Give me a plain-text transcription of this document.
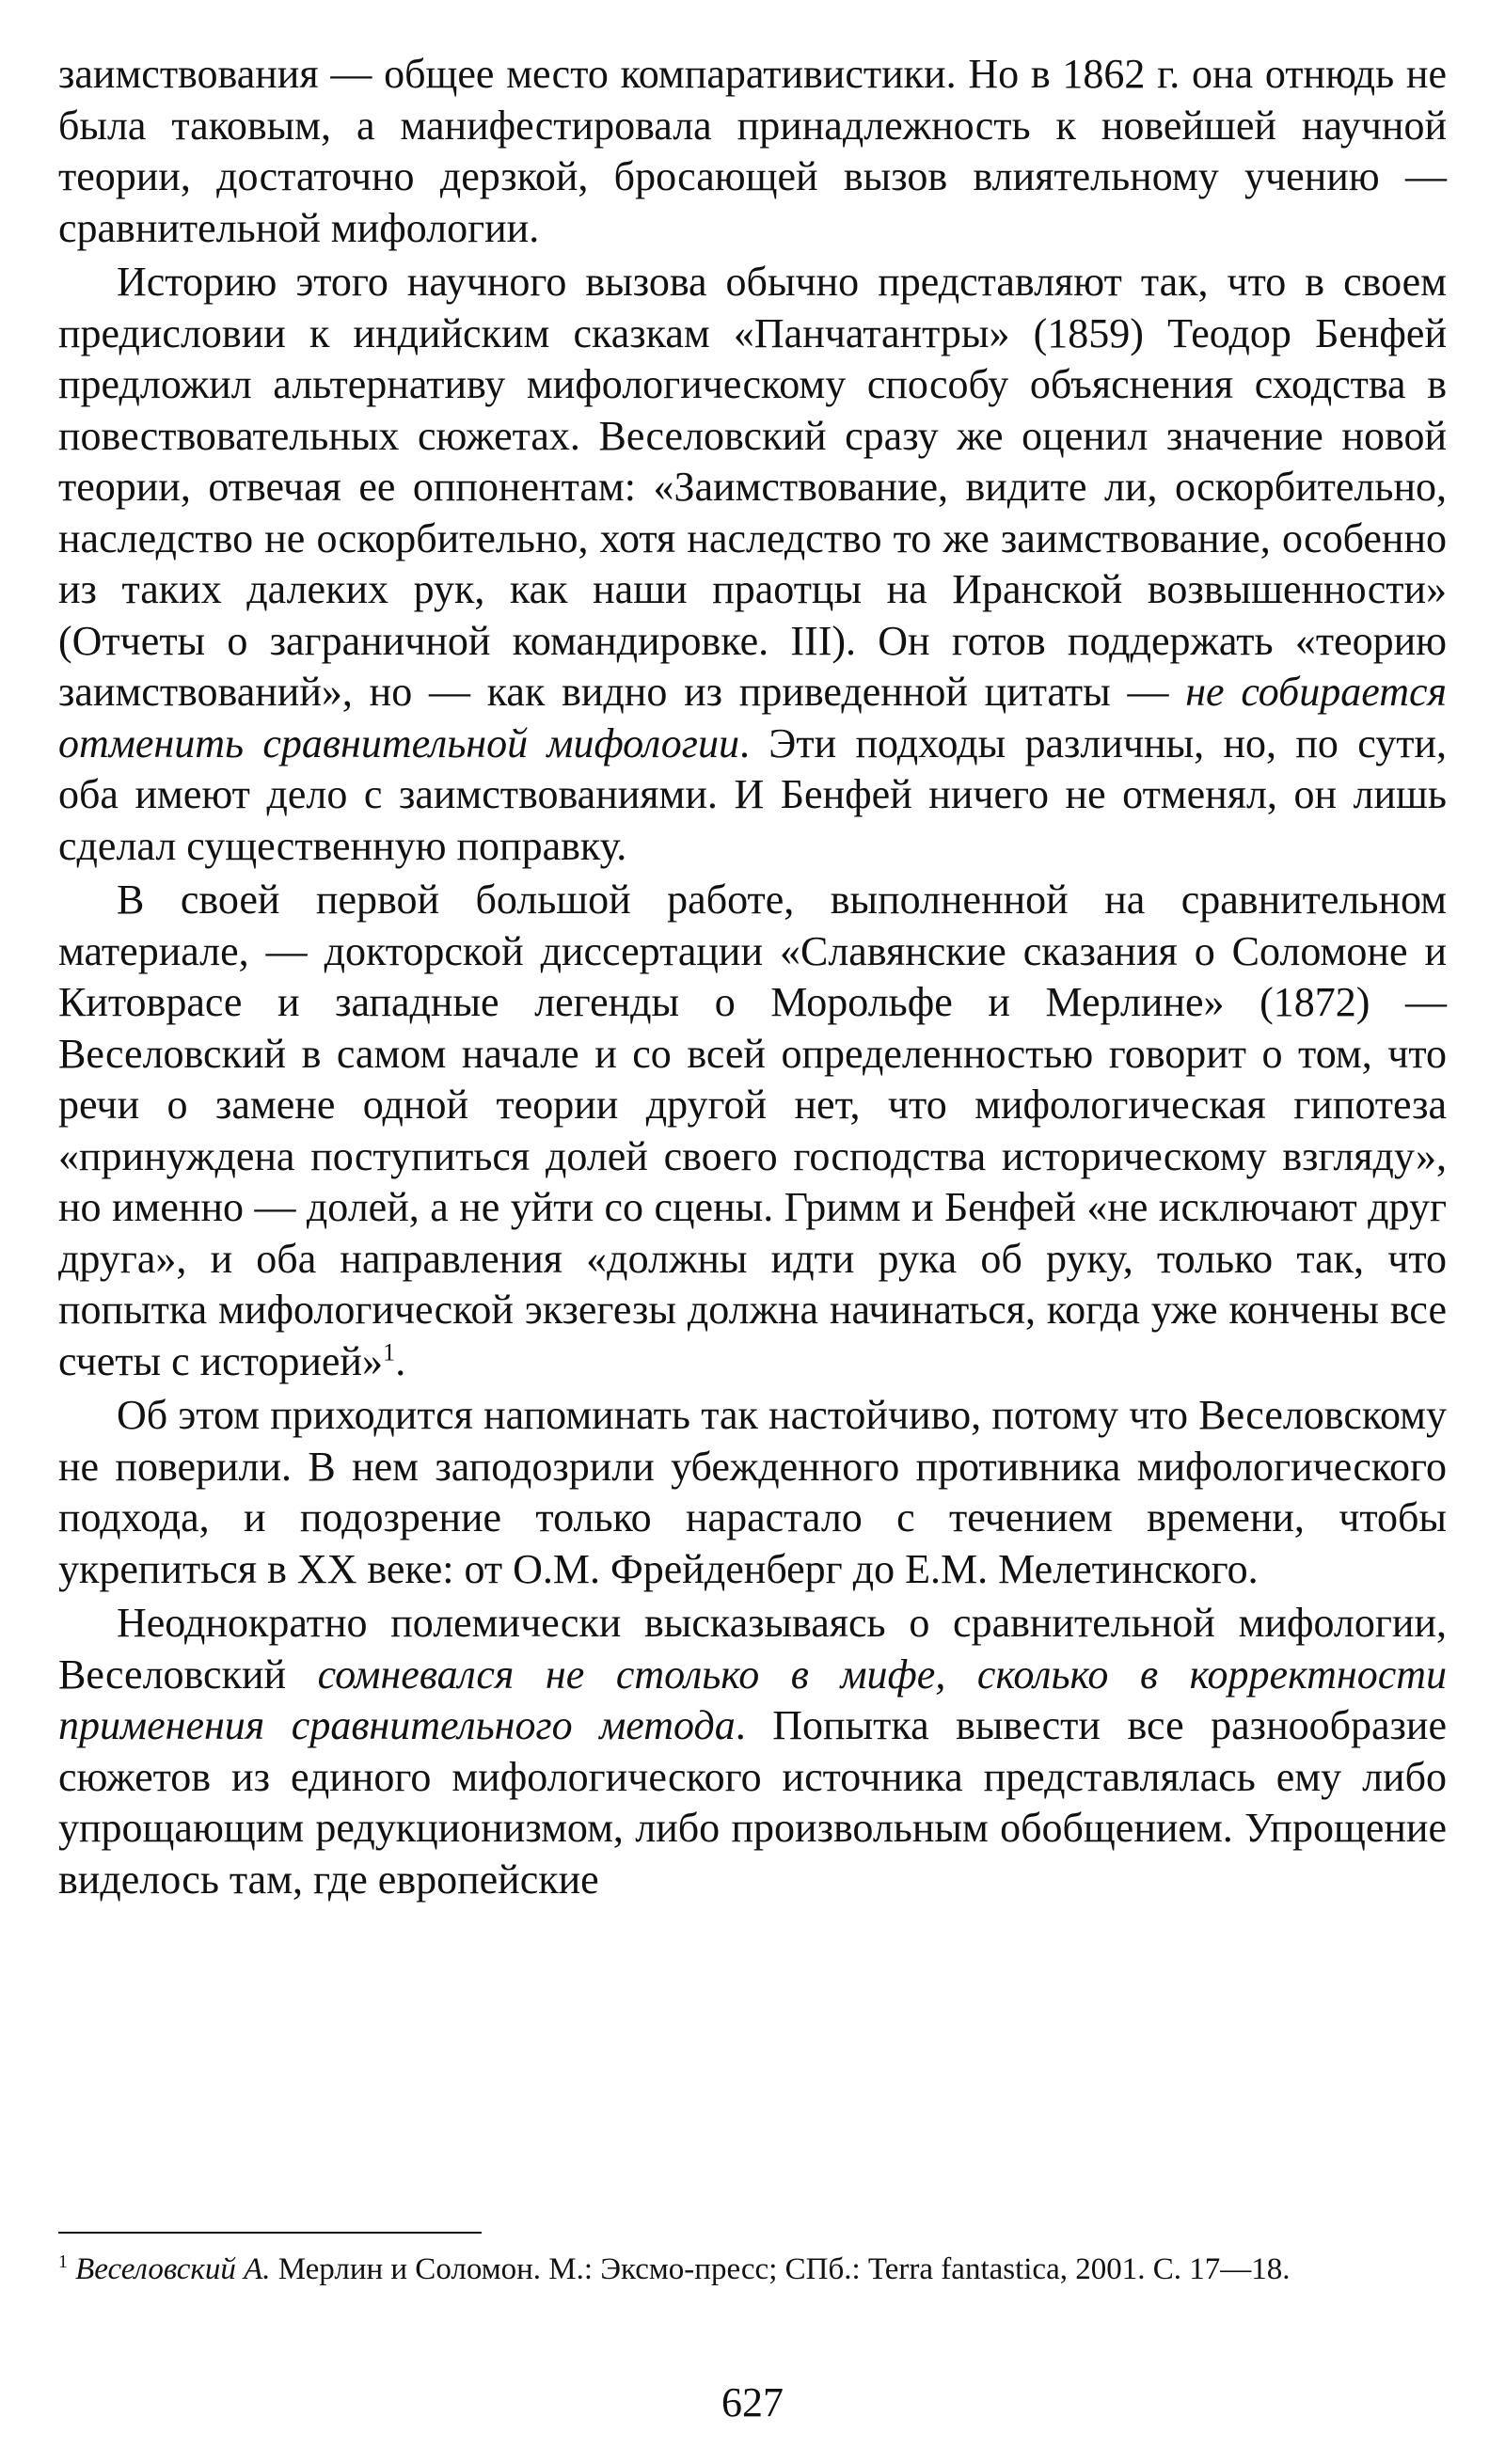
заимствования — общее место компаративистики. Но в 1862 г. она отнюдь не была таковым, а манифестировала принадлежность к новейшей научной теории, достаточно дерзкой, бросающей вызов влиятельному учению — сравнительной мифологии.

Историю этого научного вызова обычно представляют так, что в своем предисловии к индийским сказкам «Панчатантры» (1859) Теодор Бенфей предложил альтернативу мифологическому способу объяснения сходства в повествовательных сюжетах. Веселовский сразу же оценил значение новой теории, отвечая ее оппонентам: «Заимствование, видите ли, оскорбительно, наследство не оскорбительно, хотя наследство то же заимствование, особенно из таких далеких рук, как наши праотцы на Иранской возвышенности» (Отчеты о заграничной командировке. III). Он готов поддержать «теорию заимствований», но — как видно из приведенной цитаты — не собирается отменить сравнительной мифологии. Эти подходы различны, но, по сути, оба имеют дело с заимствованиями. И Бенфей ничего не отменял, он лишь сделал существенную поправку.

В своей первой большой работе, выполненной на сравнительном материале, — докторской диссертации «Славянские сказания о Соломоне и Китоврасе и западные легенды о Морольфе и Мерлине» (1872) — Веселовский в самом начале и со всей определенностью говорит о том, что речи о замене одной теории другой нет, что мифологическая гипотеза «принуждена поступиться долей своего господства историческому взгляду», но именно — долей, а не уйти со сцены. Гримм и Бенфей «не исключают друг друга», и оба направления «должны идти рука об руку, только так, что попытка мифологической экзегезы должна начинаться, когда уже кончены все счеты с историей»$^1$.

Об этом приходится напоминать так настойчиво, потому что Веселовскому не поверили. В нем заподозрили убежденного противника мифологического подхода, и подозрение только нарастало с течением времени, чтобы укрепиться в XX веке: от О.М. Фрейденберг до Е.М. Мелетинского.

Неоднократно полемически высказываясь о сравнительной мифологии, Веселовский сомневался не столько в мифе, сколько в корректности применения сравнительного метода. Попытка вывести все разнообразие сюжетов из единого мифологического источника представлялась ему либо упрощающим редукционизмом, либо произвольным обобщением. Упрощение виделось там, где европейские

$^1$ Веселовский А. Мерлин и Соломон. М.: Эксмо-пресс; СПб.: Terra fantastica, 2001. С. 17—18.

627
